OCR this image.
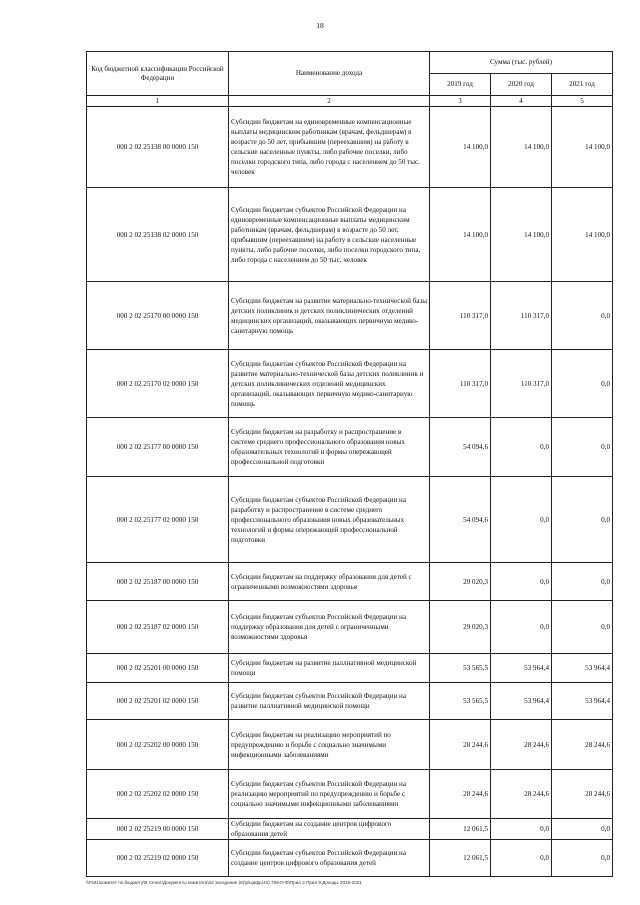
18
Код бюджетной классификации Российской Федерации	Наименование дохода	Сумма (тыс. рублей)		
		2019 год	2020 год	2021 год
1	2	3	4	5
000 2 02 25138 00 0000 150	Субсидии бюджетам на единовременные компенсационные выплаты медицинским работникам (врачам, фельдшерам) в возрасте до 50 лет, прибывшим (переехавшим) на работу в сельские населенные пункты, либо рабочие поселки, либо поселки городского типа, либо города с населением до 50 тыс. человек	14 100,0	14 100,0	14 100,0
000 2 02 25138 02 0000 150	Субсидии бюджетам субъектов Российской Федерации на единовременные компенсационные выплаты медицинским работникам (врачам, фельдшерам) в возрасте до 50 лет, прибывшим (переехавшим) на работу в сельские населенные пункты, либо рабочие поселки, либо поселки городского типа, либо города с населением до 50 тыс. человек	14 100,0	14 100,0	14 100,0
000 2 02 25170 00 0000 150	Субсидии бюджетам на развитие материально-технической базы детских поликлиник и детских поликлинических отделений медицинских организаций, оказывающих первичную медико-санитарную помощь	110 317,0	110 317,0	0,0
000 2 02 25170 02 0000 150	Субсидии бюджетам субъектов Российской Федерации на развитие материально-технической базы детских поликлиник и детских поликлинических отделений медицинских организаций, оказывающих первичную медико-санитарную помощь	110 317,0	110 317,0	0,0
000 2 02 25177 00 0000 150	Субсидии бюджетам на разработку и распространение в системе среднего профессионального образования новых образовательных технологий и формы опережающей профессиональной подготовки	54 094,6	0,0	0,0
000 2 02 25177 02 0000 150	Субсидии бюджетам субъектов Российской Федерации на разработку и распространение в системе среднего профессионального образования новых образовательных технологий и формы опережающей профессиональной подготовки	54 094,6	0,0	0,0
000 2 02 25187 00 0000 150	Субсидии бюджетам на поддержку образования для детей с ограниченными возможностями здоровья	29 020,3	0,0	0,0
000 2 02 25187 02 0000 150	Субсидии бюджетам субъектов Российской Федерации на поддержку образования для детей с ограниченными возможностями здоровья	29 020,3	0,0	0,0
000 2 02 25201 00 0000 150	Субсидии бюджетам на развитие паллиативной медицинской помощи	53 565,5	53 964,4	53 964,4
000 2 02 25201 02 0000 150	Субсидии бюджетам субъектов Российской Федерации на развитие паллиативной медицинской помощи	53 565,5	53 964,4	53 964,4
000 2 02 25202 00 0000 150	Субсидии бюджетам на реализацию мероприятий по предупреждению и борьбе с социально значимыми инфекционными заболеваниями	28 244,6	28 244,6	28 244,6
000 2 02 25202 02 0000 150	Субсидии бюджетам субъектов Российской Федерации на реализацию мероприятий по предупреждению и борьбе с социально значимыми инфекционными заболеваниями	28 244,6	28 244,6	28 244,6
000 2 02 25219 00 0000 150	Субсидии бюджетам на создание центров цифрового образования детей	12 061,5	0,0	0,0
000 2 02 25219 02 0000 150	Субсидии бюджетам субъектов Российской Федерации на создание центров цифрового образования детей	12 061,5	0,0	0,0
\\Fs01\комитет по бюджету\В Сенат\Документы комитета\42 заседание (5)\р\Цифр(42) 769-П-Ф\Прил 2 Прил 9 Доходы 2019-2021
